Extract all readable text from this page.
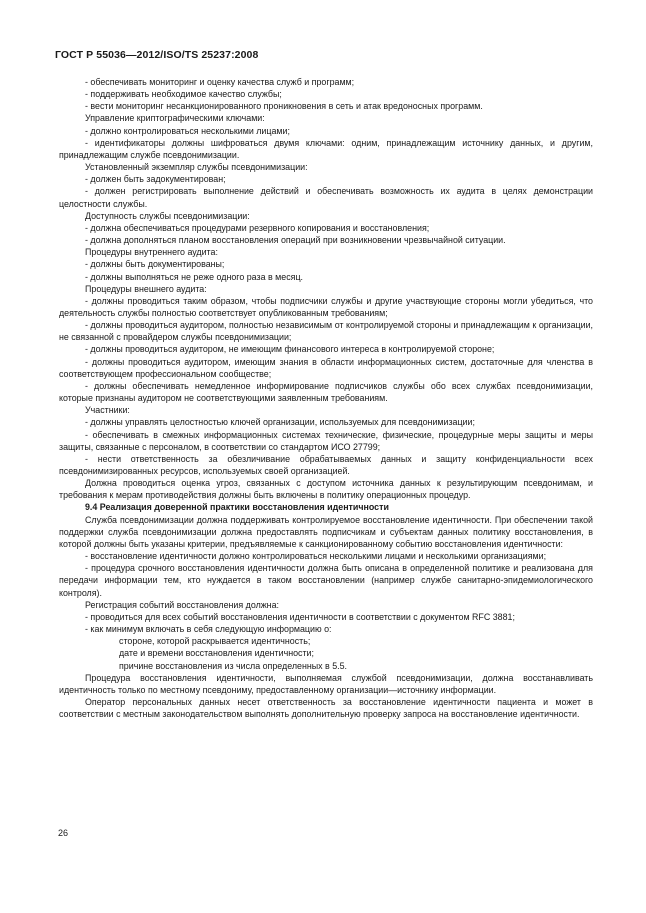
ГОСТ Р 55036—2012/ISO/TS 25237:2008

- обеспечивать мониторинг и оценку качества служб и программ;

- поддерживать необходимое качество службы;

- вести мониторинг несанкционированного проникновения в сеть и атак вредоносных программ.

Управление криптографическими ключами:

- должно контролироваться несколькими лицами;

- идентификаторы должны шифроваться двумя ключами: одним, принадлежащим источнику данных, и другим, принадлежащим службе псевдонимизации.

Установленный экземпляр службы псевдонимизации:

- должен быть задокументирован;

- должен регистрировать выполнение действий и обеспечивать возможность их аудита в целях демонстрации целостности службы.

Доступность службы псевдонимизации:

- должна обеспечиваться процедурами резервного копирования и восстановления;

- должна дополняться планом восстановления операций при возникновении чрезвычайной ситуации.

Процедуры внутреннего аудита:

- должны быть документированы;

- должны выполняться не реже одного раза в месяц.

Процедуры внешнего аудита:

- должны проводиться таким образом, чтобы подписчики службы и другие участвующие стороны могли убедиться, что деятельность службы полностью соответствует опубликованным требованиям;

- должны проводиться аудитором, полностью независимым от контролируемой стороны и принадлежащим к организации, не связанной с провайдером службы псевдонимизации;

- должны проводиться аудитором, не имеющим финансового интереса в контролируемой стороне;

- должны проводиться аудитором, имеющим знания в области информационных систем, достаточные для членства в соответствующем профессиональном сообществе;

- должны обеспечивать немедленное информирование подписчиков службы обо всех службах псевдонимизации, которые признаны аудитором не соответствующими заявленным требованиям.

Участники:

- должны управлять целостностью ключей организации, используемых для псевдонимизации;

- обеспечивать в смежных информационных системах технические, физические, процедурные меры защиты и меры защиты, связанные с персоналом, в соответствии со стандартом ИСО 27799;

- нести ответственность за обезличивание обрабатываемых данных и защиту конфиденциальности всех псевдонимизированных ресурсов, используемых своей организацией.

Должна проводиться оценка угроз, связанных с доступом источника данных к результирующим псевдонимам, и требования к мерам противодействия должны быть включены в политику операционных процедур.

9.4 Реализация доверенной практики восстановления идентичности

Служба псевдонимизации должна поддерживать контролируемое восстановление идентичности. При обеспечении такой поддержки служба псевдонимизации должна предоставлять подписчикам и субъектам данных политику восстановления, в которой должны быть указаны критерии, предъявляемые к санкционированному событию восстановления идентичности:

- восстановление идентичности должно контролироваться несколькими лицами и несколькими организациями;

- процедура срочного восстановления идентичности должна быть описана в определенной политике и реализована для передачи информации тем, кто нуждается в таком восстановлении (например службе санитарно-эпидемиологического контроля).

Регистрация событий восстановления должна:

- проводиться для всех событий восстановления идентичности в соответствии с документом RFC 3881;

- как минимум включать в себя следующую информацию о:

стороне, которой раскрывается идентичность;

дате и времени восстановления идентичности;

причине восстановления из числа определенных в 5.5.

Процедура восстановления идентичности, выполняемая службой псевдонимизации, должна восстанавливать идентичность только по местному псевдониму, предоставленному организации—источнику информации.

Оператор персональных данных несет ответственность за восстановление идентичности пациента и может в соответствии с местным законодательством выполнять дополнительную проверку запроса на восстановление идентичности.

26
